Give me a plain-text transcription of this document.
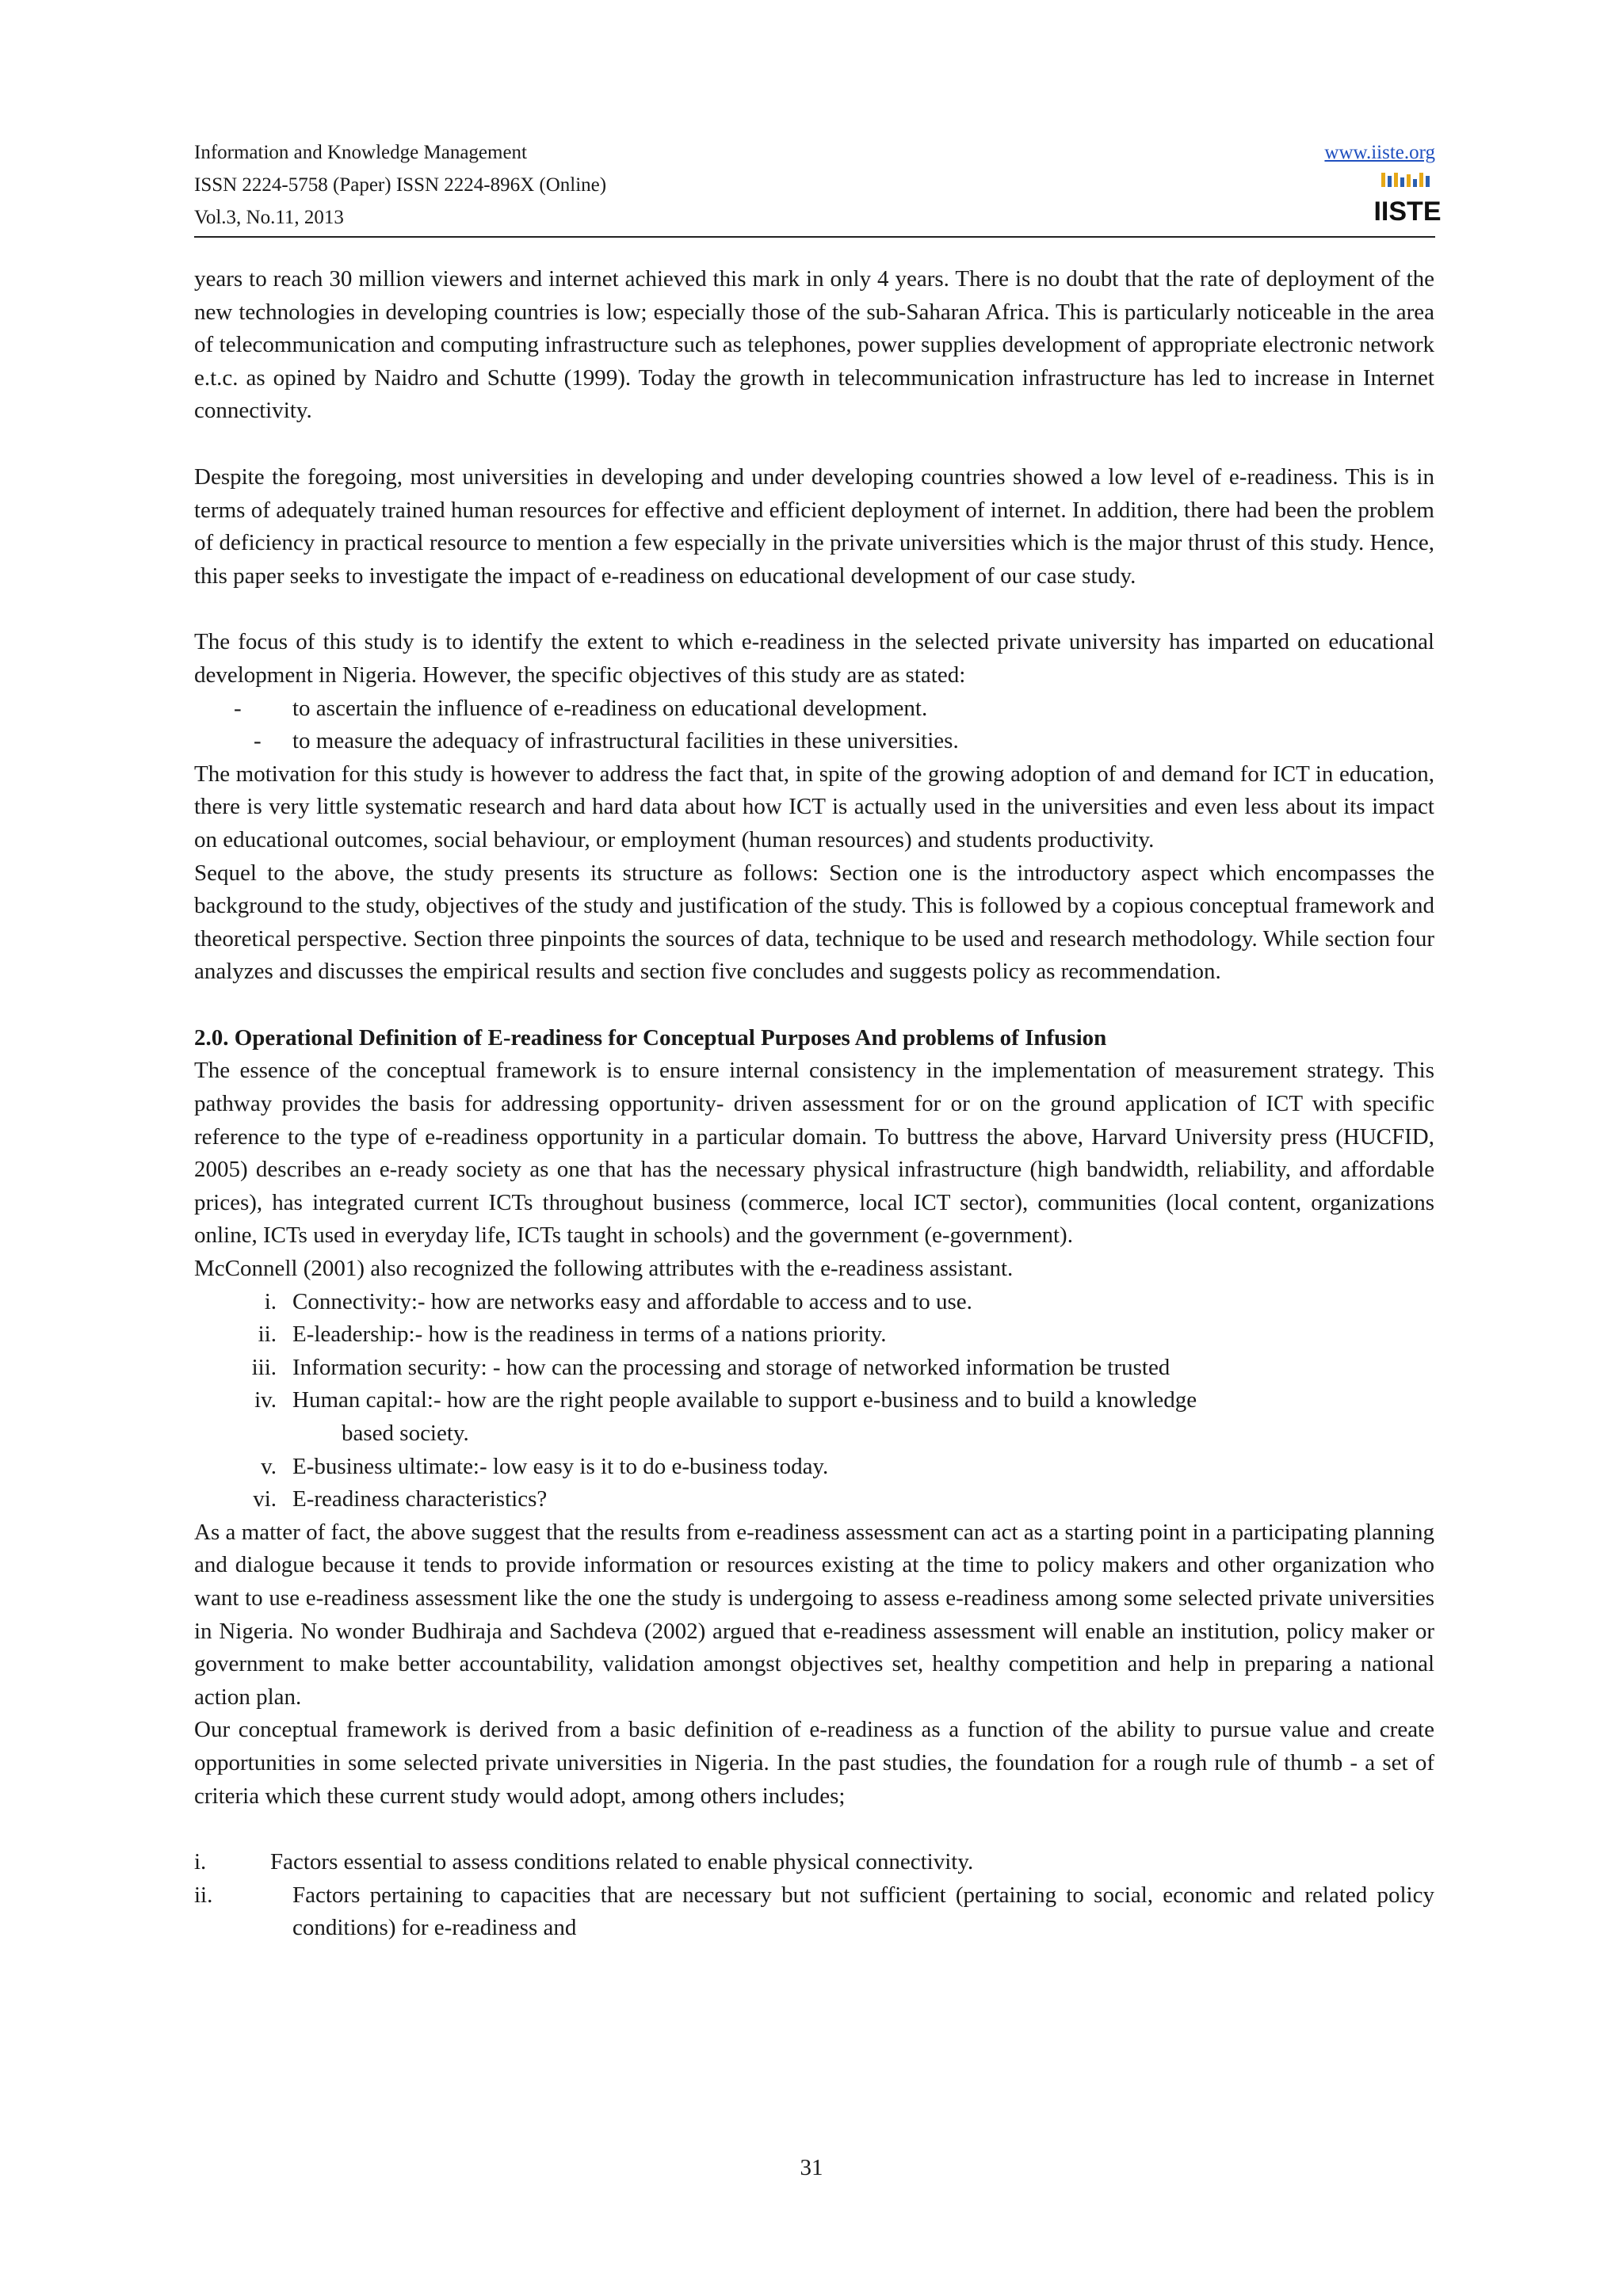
Information and Knowledge Management
ISSN 2224-5758 (Paper) ISSN 2224-896X (Online)
Vol.3, No.11, 2013
www.iiste.org
IISTE

years to reach 30 million viewers and internet achieved this mark in only 4 years. There is no doubt that the rate of deployment of the new technologies in developing countries is low; especially those of the sub-Saharan Africa. This is particularly noticeable in the area of telecommunication and computing infrastructure such as telephones, power supplies development of appropriate electronic network e.t.c. as opined by Naidro and Schutte (1999). Today the growth in telecommunication infrastructure has led to increase in Internet connectivity.

Despite the foregoing, most universities in developing and under developing countries showed a low level of e-readiness. This is in terms of adequately trained human resources for effective and efficient deployment of internet. In addition, there had been the problem of deficiency in practical resource to mention a few especially in the private universities which is the major thrust of this study. Hence, this paper seeks to investigate the impact of e-readiness on educational development of our case study.

The focus of this study is to identify the extent to which e-readiness in the selected private university has imparted on educational development in Nigeria. However, the specific objectives of this study are as stated:

-	to ascertain the influence of e-readiness on educational development.
-	to measure the adequacy of infrastructural facilities in these universities.

The motivation for this study is however to address the fact that, in spite of the growing adoption of and demand for ICT in education, there is very little systematic research and hard data about how ICT is actually used in the universities and even less about its impact on educational outcomes, social behaviour, or employment (human resources) and students productivity.

Sequel to the above, the study presents its structure as follows: Section one is the introductory aspect which encompasses the background to the study, objectives of the study and justification of the study. This is followed by a copious conceptual framework and theoretical perspective. Section three pinpoints the sources of data, technique to be used and research methodology. While section four analyzes and discusses the empirical results and section five concludes and suggests policy as recommendation.

2.0. Operational Definition of E-readiness for Conceptual Purposes And problems of Infusion

The essence of the conceptual framework is to ensure internal consistency in the implementation of measurement strategy. This pathway provides the basis for addressing opportunity- driven assessment for or on the ground application of ICT with specific reference to the type of e-readiness opportunity in a particular domain. To buttress the above, Harvard University press (HUCFID, 2005) describes an e-ready society as one that has the necessary physical infrastructure (high bandwidth, reliability, and affordable prices), has integrated current ICTs throughout business (commerce, local ICT sector), communities (local content, organizations online, ICTs used in everyday life, ICTs taught in schools) and the government (e-government).

McConnell (2001) also recognized the following attributes with the e-readiness assistant.

i. Connectivity:- how are networks easy and affordable to access and to use.
ii. E-leadership:- how is the readiness in terms of a nations priority.
iii. Information security: - how can the processing and storage of networked information be trusted
iv. Human capital:- how are the right people available to support e-business and to build a knowledge
based society.
v. E-business ultimate:- low easy is it to do e-business today.
vi. E-readiness characteristics?

As a matter of fact, the above suggest that the results from e-readiness assessment can act as a starting point in a participating planning and dialogue because it tends to provide information or resources existing at the time to policy makers and other organization who want to use e-readiness assessment like the one the study is undergoing to assess e-readiness among some selected private universities in Nigeria. No wonder Budhiraja and Sachdeva (2002) argued that e-readiness assessment will enable an institution, policy maker or government to make better accountability, validation amongst objectives set, healthy competition and help in preparing a national action plan.

Our conceptual framework is derived from a basic definition of e-readiness as a function of the ability to pursue value and create opportunities in some selected private universities in Nigeria. In the past studies, the foundation for a rough rule of thumb - a set of criteria which these current study would adopt, among others includes;

i.	Factors essential to assess conditions related to enable physical connectivity.
ii.	Factors pertaining to capacities that are necessary but not sufficient (pertaining to social, economic and related policy conditions) for e-readiness and
31
